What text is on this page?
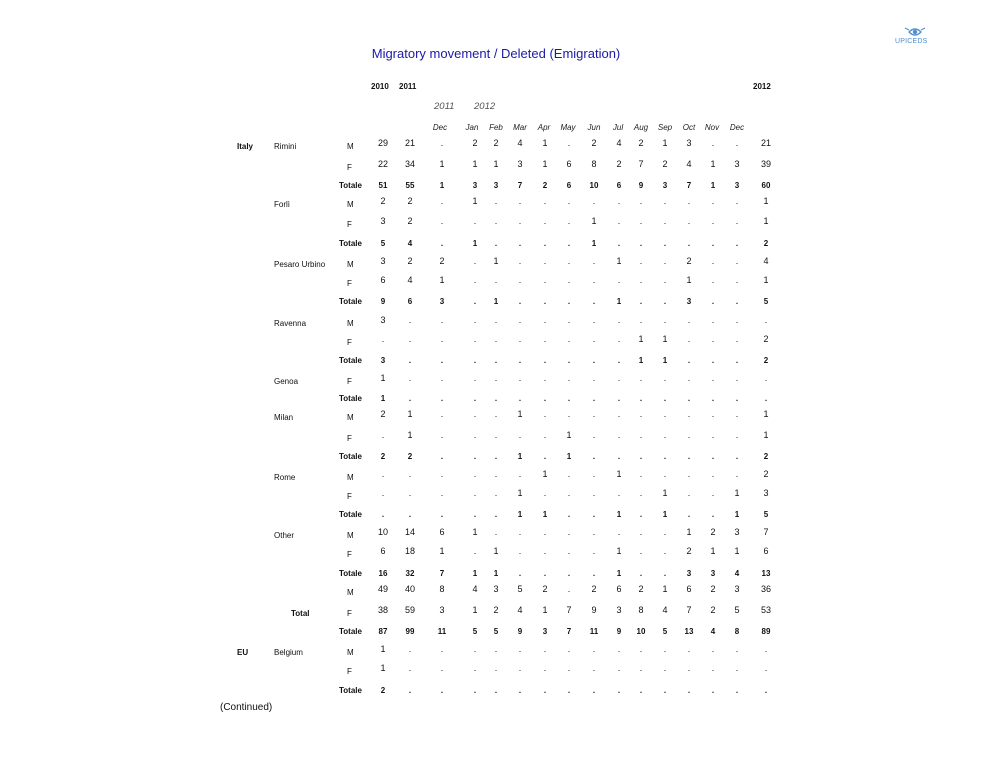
UPICEDS
Migratory movement / Deleted (Emigration)
2010 2011	2012
2011 2012
Dec	Jan	Feb	Mar	Apr	May	Jun	Jul	Aug	Sep	Oct	Nov	Dec
Italy	Rimini	M	29	21	.	2	2	4	1	.	2	4	2	1	3	.	.	21
F	22	34	1	1	1	3	1	6	8	2	7	2	4	1	3	39
Totale	51	55	1	3	3	7	2	6	10	6	9	3	7	1	3	60
Forlì	M	2	2	.	1	.	.	.	.	.	.	.	.	.	.	.	1
F	3	2	.	.	.	.	.	.	1	.	.	.	.	.	.	1
Totale	5	4	.	1	.	.	.	.	1	.	.	.	.	.	.	2
Pesaro Urbino	M	3	2	2	.	1	.	.	.	.	1	.	.	2	.	.	4
F	6	4	1	.	.	.	.	.	.	.	.	.	1	.	.	1
Totale	9	6	3	.	1	.	.	.	.	1	.	.	3	.	.	5
Ravenna	M	3	.	.	.	.	.	.	.	.	.	.	.	.	.	.	.
F	.	.	.	.	.	.	.	.	.	.	1	1	.	.	.	2
Totale	3	.	.	.	.	.	.	.	.	.	1	1	.	.	.	2
Genoa	F	1	.	.	.	.	.	.	.	.	.	.	.	.	.	.	.
Totale	1	.	.	.	.	.	.	.	.	.	.	.	.	.	.	.
Milan	M	2	1	.	.	.	1	.	.	.	.	.	.	.	.	.	1
F	.	1	.	.	.	.	.	1	.	.	.	.	.	.	.	1
Totale	2	2	.	.	.	1	.	1	.	.	.	.	.	.	.	2
Rome	M	.	.	.	.	.	.	1	.	.	1	.	.	.	.	.	2
F	.	.	.	.	.	1	.	.	.	.	.	1	.	.	1	3
Totale	.	.	.	.	.	1	1	.	.	1	.	1	.	.	1	5
Other	M	10	14	6	1	.	.	.	.	.	.	.	.	1	2	3	7
F	6	18	1	.	1	.	.	.	.	1	.	.	2	1	1	6
Totale	16	32	7	1	1	.	.	.	.	1	.	.	3	3	4	13
M	49	40	8	4	3	5	2	.	2	6	2	1	6	2	3	36
Total	F	38	59	3	1	2	4	1	7	9	3	8	4	7	2	5	53
Totale	87	99	11	5	5	9	3	7	11	9	10	5	13	4	8	89
EU	Belgium	M	1	.	.	.	.	.	.	.	.	.	.	.	.	.	.	.
F	1	.	.	.	.	.	.	.	.	.	.	.	.	.	.	.
Totale	2	.	.	.	.	.	.	.	.	.	.	.	.	.	.	.
(Continued)
